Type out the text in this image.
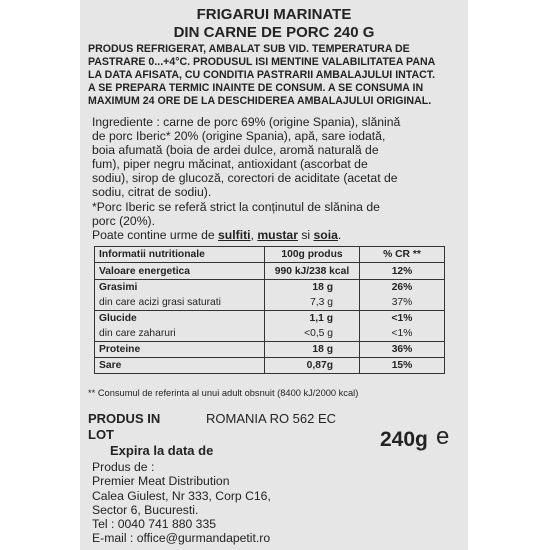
FRIGARUI MARINATE
DIN CARNE DE PORC 240 G
PRODUS REFRIGERAT, AMBALAT SUB VID. TEMPERATURA DE
PASTRARE 0...+4°C. PRODUSUL ISI MENTINE VALABILITATEA PANA
LA DATA AFISATA, CU CONDITIA PASTRARII AMBALAJULUI INTACT.
A SE PREPARA TERMIC INAINTE DE CONSUM. A SE CONSUMA IN
MAXIMUM 24 ORE DE LA DESCHIDEREA AMBALAJULUI ORIGINAL.
Ingrediente : carne de porc 69% (origine Spania), slănină
de porc Iberic* 20% (origine Spania), apă, sare iodată,
boia afumată (boia de ardei dulce, aromă naturală de
fum), piper negru măcinat, antioxidant (ascorbat de
sodiu), sirop de glucoză, corectori de aciditate (acetat de
sodiu, citrat de sodiu).
*Porc Iberic se referă strict la conținutul de slănina de
porc (20%).
Poate contine urme de sulfiti, mustar si soia.
Informatii nutritionale	100g produs	% CR **
Valoare energetica	990 kJ/238 kcal	12%
Grasimi	18 g	26%
din care acizi grasi saturati	7,3 g	37%
Glucide	1,1 g	<1%
din care zaharuri	<0,5 g	<1%
Proteine	18 g	36%
Sare	0,87g	15%
** Consumul de referinta al unui adult obsnuit (8400 kJ/2000 kcal)
PRODUS IN	ROMANIA RO 562 EC
LOT
Expira la data de	240g e
Produs de :
Premier Meat Distribution
Calea Giulest, Nr 333, Corp C16,
Sector 6, Bucuresti.
Tel : 0040 741 880 335
E-mail : office@gurmandapetit.ro
